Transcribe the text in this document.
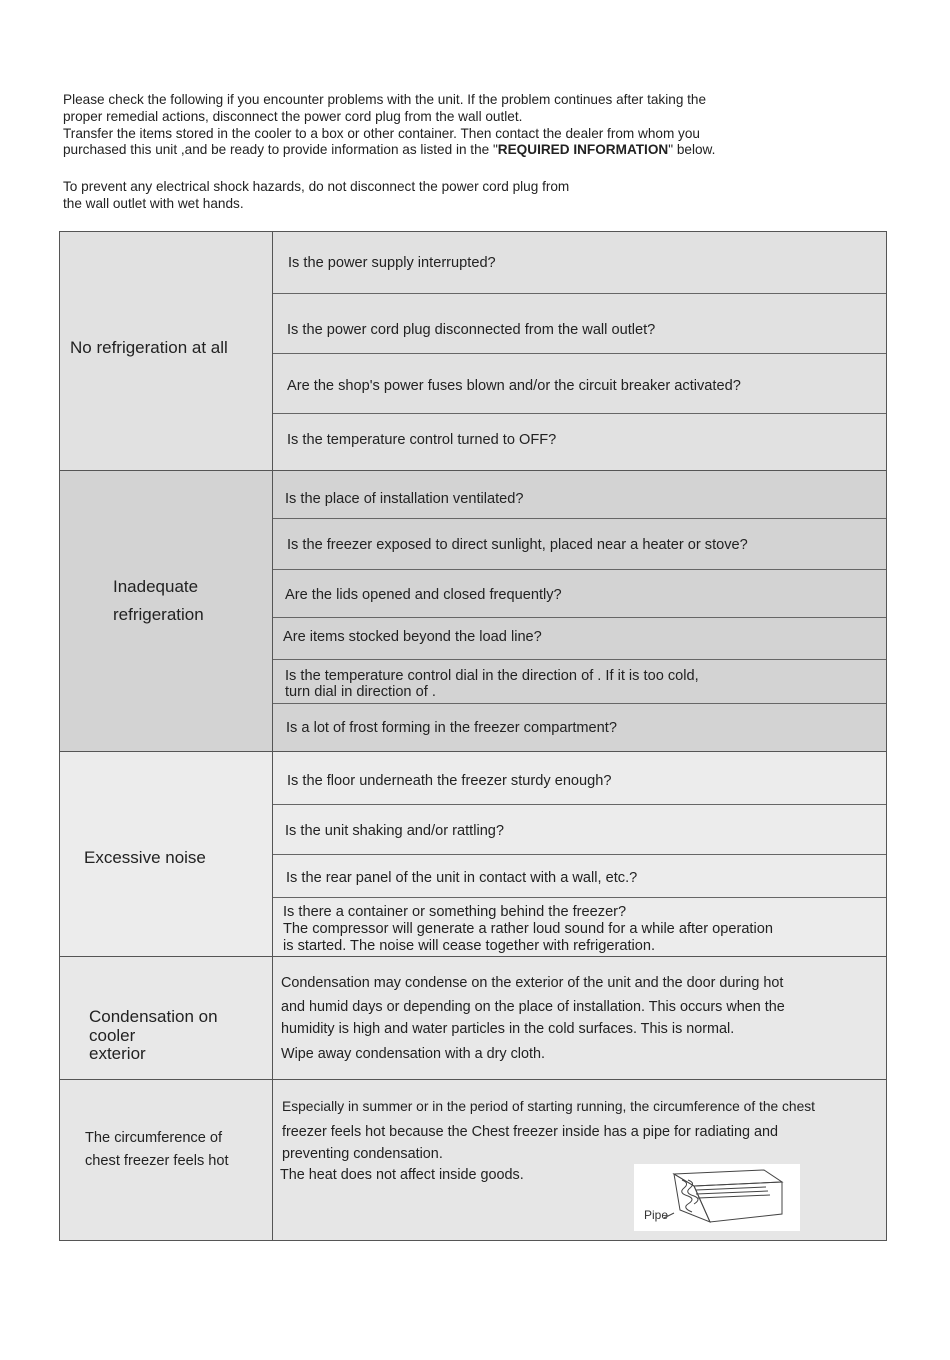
Please check the following if you encounter problems with the unit. If the problem continues after taking the

proper remedial actions, disconnect the power cord plug from the wall outlet.

Transfer the items stored in the cooler to a box or other container. Then contact the dealer from whom you

purchased this unit ,and be ready to provide information as listed in the "REQUIRED INFORMATION" below.

To prevent any electrical shock hazards, do not disconnect the power cord plug from

the wall outlet with wet hands.

No refrigeration at all
Is the power supply interrupted?
Is the power cord plug disconnected from the wall outlet?
Are the shop's power fuses blown and/or the circuit breaker activated?
Is the temperature control turned to OFF?
Inadequate
refrigeration
Is the place of installation ventilated?
Is the freezer exposed to direct sunlight, placed near a heater or stove?
Are the lids opened and closed frequently?
Are items stocked beyond the load line?
Is the temperature control dial in the direction of . If it is too cold,
turn dial in direction of .
Is a lot of frost forming in the freezer compartment?
Excessive noise
Is the floor underneath the freezer sturdy enough?
Is the unit shaking and/or rattling?
Is the rear panel of the unit in contact with a wall, etc.?
Is there a container or something behind the freezer?
The compressor will generate a rather loud sound for a while after operation
is started. The noise will cease together with refrigeration.
Condensation on
cooler
exterior
Condensation may condense on the exterior of the unit and the door during hot
and humid days or depending on the place of installation. This occurs when the
humidity is high and water particles in the cold surfaces. This is normal.
Wipe away condensation with a dry cloth.
The circumference of
chest freezer feels hot
Especially in summer or in the period of starting running, the circumference of the chest
freezer feels hot because the Chest freezer inside has a pipe for radiating and
preventing condensation.
The heat does not affect inside goods.
Pipe
